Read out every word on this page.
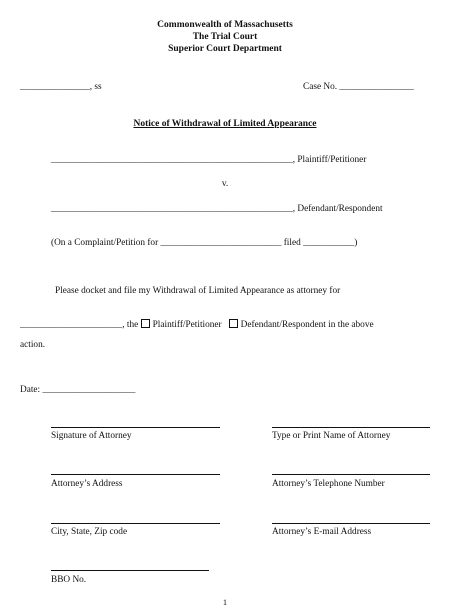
Commonwealth of Massachusetts
The Trial Court
Superior Court Department
_______________, ss	Case No. ________________
Notice of Withdrawal of Limited Appearance
____________________________________________________, Plaintiff/Petitioner
v.
____________________________________________________, Defendant/Respondent
(On a Complaint/Petition for __________________________ filed ___________)
Please docket and file my Withdrawal of Limited Appearance as attorney for
______________________, the Plaintiff/Petitioner Defendant/Respondent in the above
action.
Date: ____________________
Signature of Attorney	Type or Print Name of Attorney
Attorney’s Address	Attorney’s Telephone Number
City, State, Zip code	Attorney’s E-mail Address
BBO No.
1
